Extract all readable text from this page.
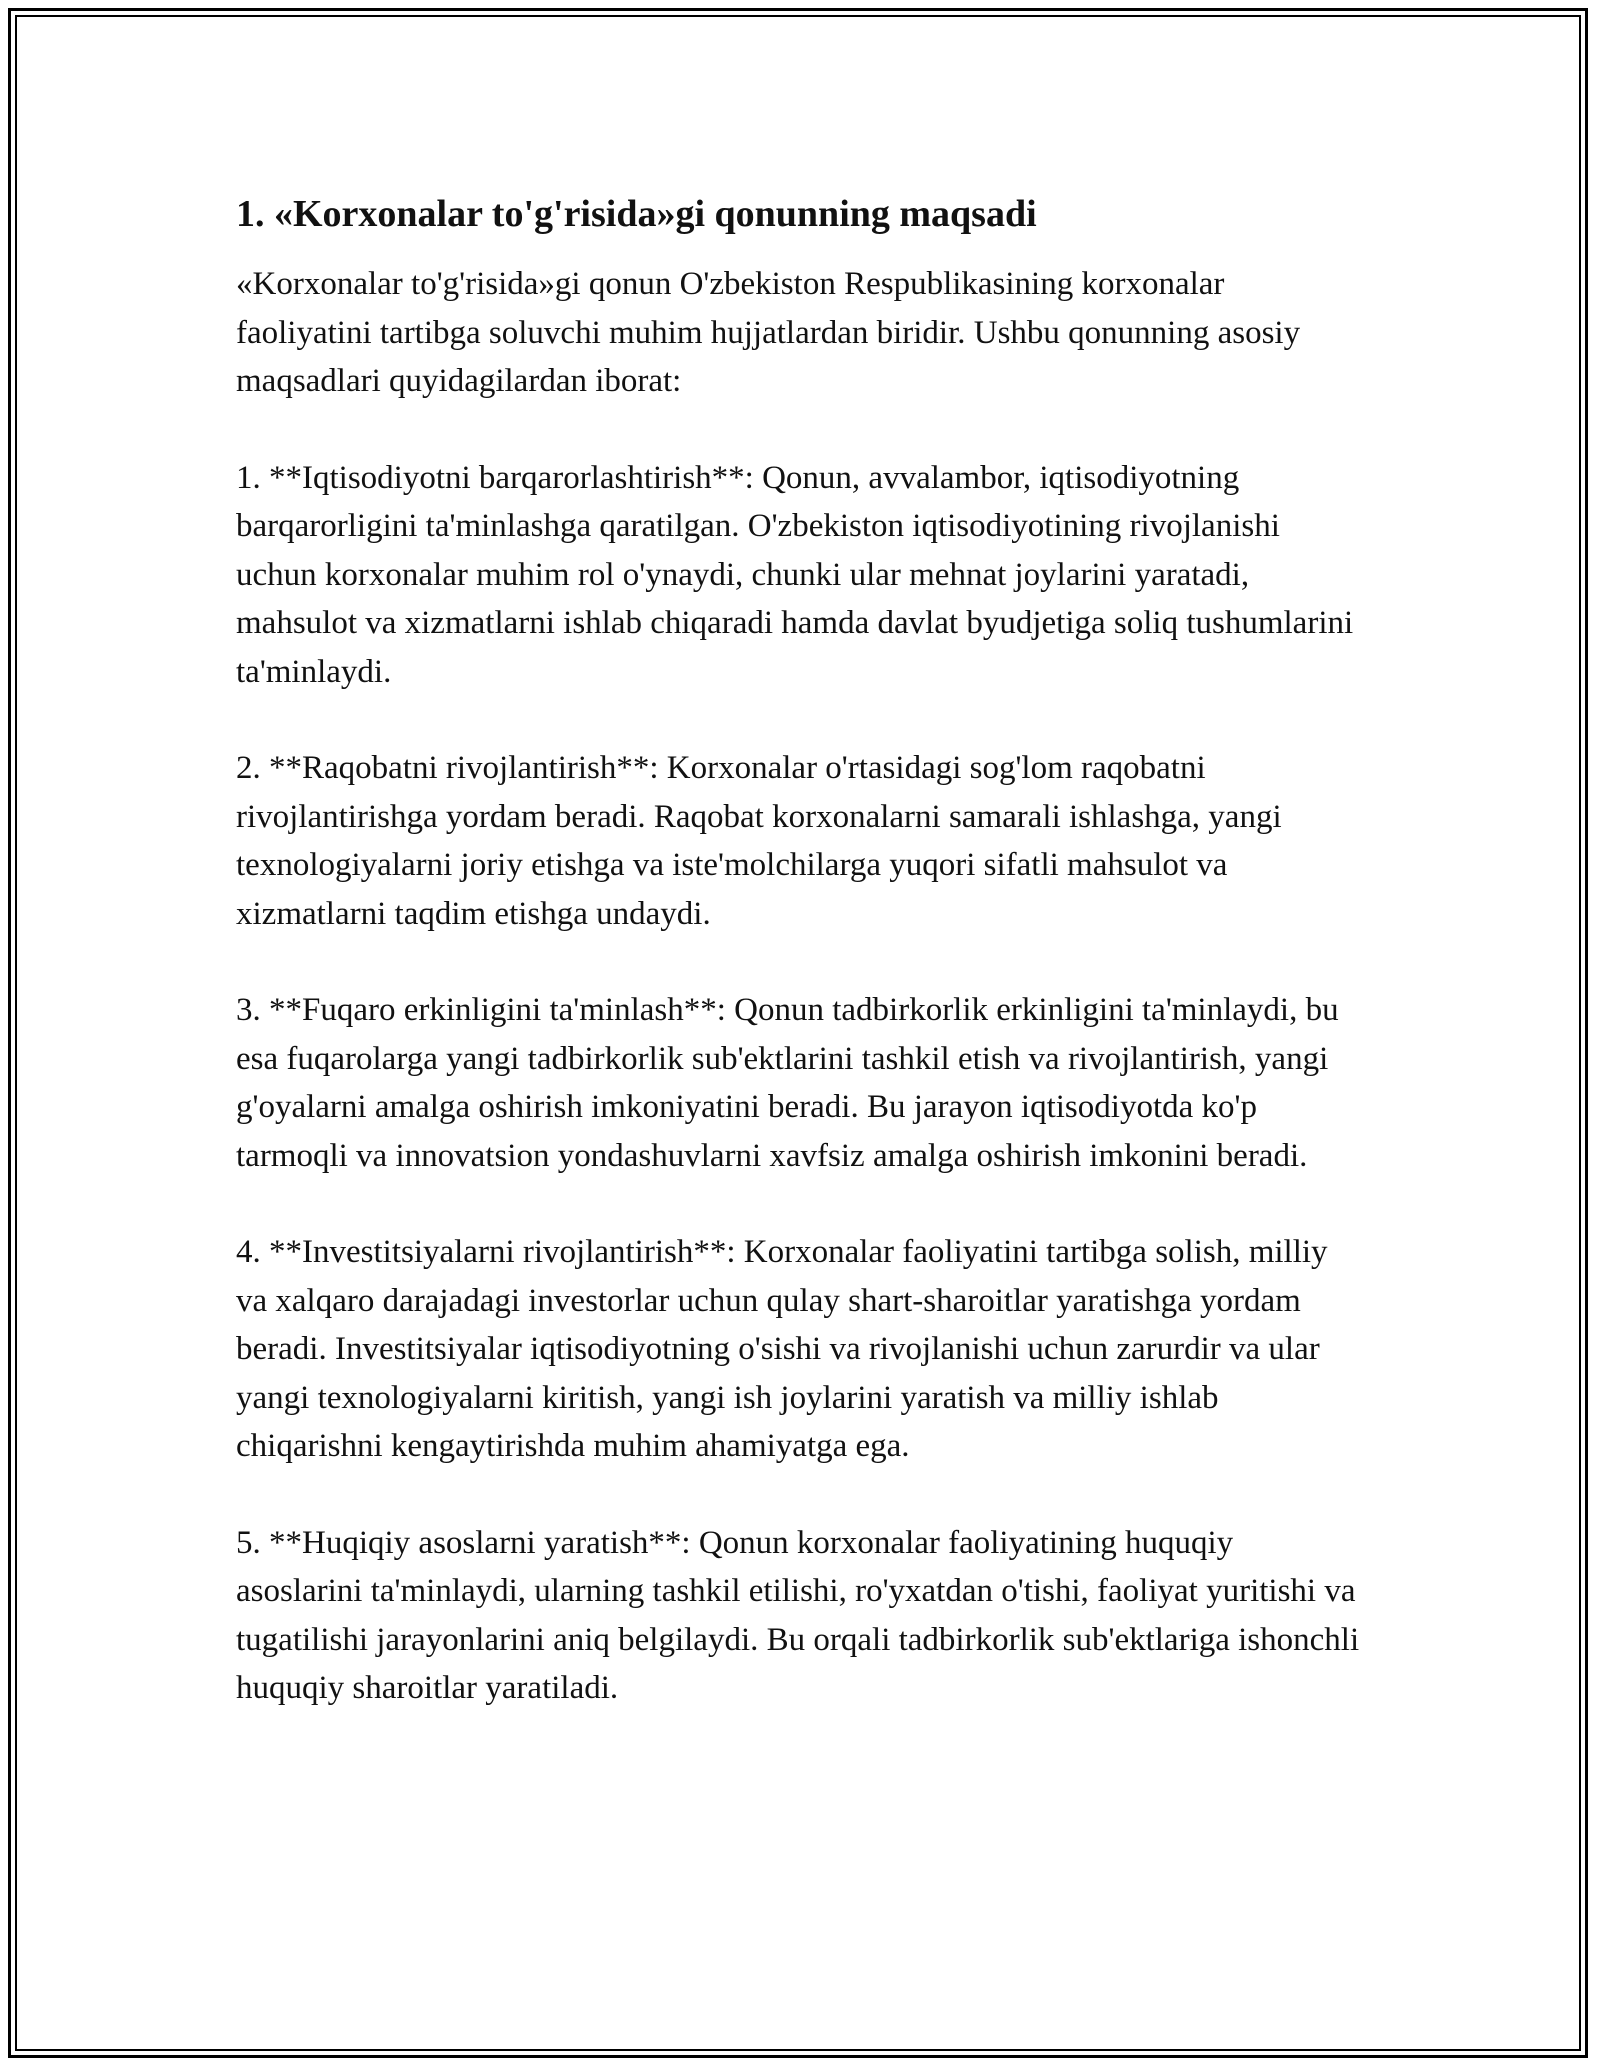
1. «Korxonalar to'g'risida»gi qonunning maqsadi

«Korxonalar to'g'risida»gi qonun O'zbekiston Respublikasining korxonalar faoliyatini tartibga soluvchi muhim hujjatlardan biridir. Ushbu qonunning asosiy maqsadlari quyidagilardan iborat:

1. **Iqtisodiyotni barqarorlashtirish**: Qonun, avvalambor, iqtisodiyotning barqarorligini ta'minlashga qaratilgan. O'zbekiston iqtisodiyotining rivojlanishi uchun korxonalar muhim rol o'ynaydi, chunki ular mehnat joylarini yaratadi, mahsulot va xizmatlarni ishlab chiqaradi hamda davlat byudjetiga soliq tushumlarini ta'minlaydi.

2. **Raqobatni rivojlantirish**: Korxonalar o'rtasidagi sog'lom raqobatni rivojlantirishga yordam beradi. Raqobat korxonalarni samarali ishlashga, yangi texnologiyalarni joriy etishga va iste'molchilarga yuqori sifatli mahsulot va xizmatlarni taqdim etishga undaydi.

3. **Fuqaro erkinligini ta'minlash**: Qonun tadbirkorlik erkinligini ta'minlaydi, bu esa fuqarolarga yangi tadbirkorlik sub'ektlarini tashkil etish va rivojlantirish, yangi g'oyalarni amalga oshirish imkoniyatini beradi. Bu jarayon iqtisodiyotda ko'p tarmoqli va innovatsion yondashuvlarni xavfsiz amalga oshirish imkonini beradi.

4. **Investitsiyalarni rivojlantirish**: Korxonalar faoliyatini tartibga solish, milliy va xalqaro darajadagi investorlar uchun qulay shart-sharoitlar yaratishga yordam beradi. Investitsiyalar iqtisodiyotning o'sishi va rivojlanishi uchun zarurdir va ular yangi texnologiyalarni kiritish, yangi ish joylarini yaratish va milliy ishlab chiqarishni kengaytirishda muhim ahamiyatga ega.

5. **Huqiqiy asoslarni yaratish**: Qonun korxonalar faoliyatining huquqiy asoslarini ta'minlaydi, ularning tashkil etilishi, ro'yxatdan o'tishi, faoliyat yuritishi va tugatilishi jarayonlarini aniq belgilaydi. Bu orqali tadbirkorlik sub'ektlariga ishonchli huquqiy sharoitlar yaratiladi.
